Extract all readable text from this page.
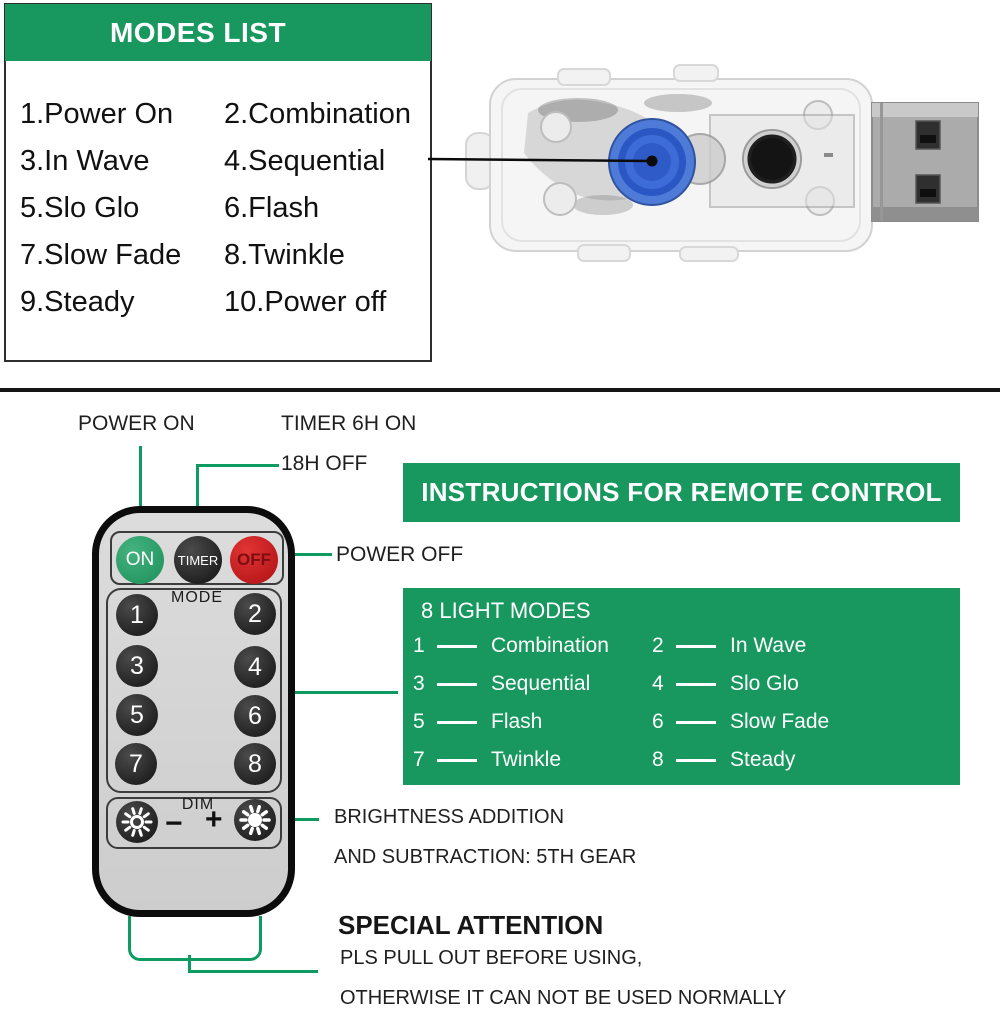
MODES LIST
1.Power On	2.Combination
3.In Wave	4.Sequential
5.Slo Glo	6.Flash
7.Slow Fade	8.Twinkle
9.Steady	10.Power off
POWER ON	TIMER 6H ON
18H OFF
POWER OFF
ON TIMER OFF
MODE
1	2
3	4
5	6
7	8
DIM
− +
INSTRUCTIONS FOR REMOTE CONTROL
8 LIGHT MODES
1	Combination 2	In Wave
3	Sequential	4	Slo Glo
5	Flash	6	Slow Fade
7	Twinkle	8	Steady
BRIGHTNESS ADDITION
AND SUBTRACTION: 5TH GEAR
SPECIAL ATTENTION
PLS PULL OUT BEFORE USING,
OTHERWISE IT CAN NOT BE USED NORMALLY
